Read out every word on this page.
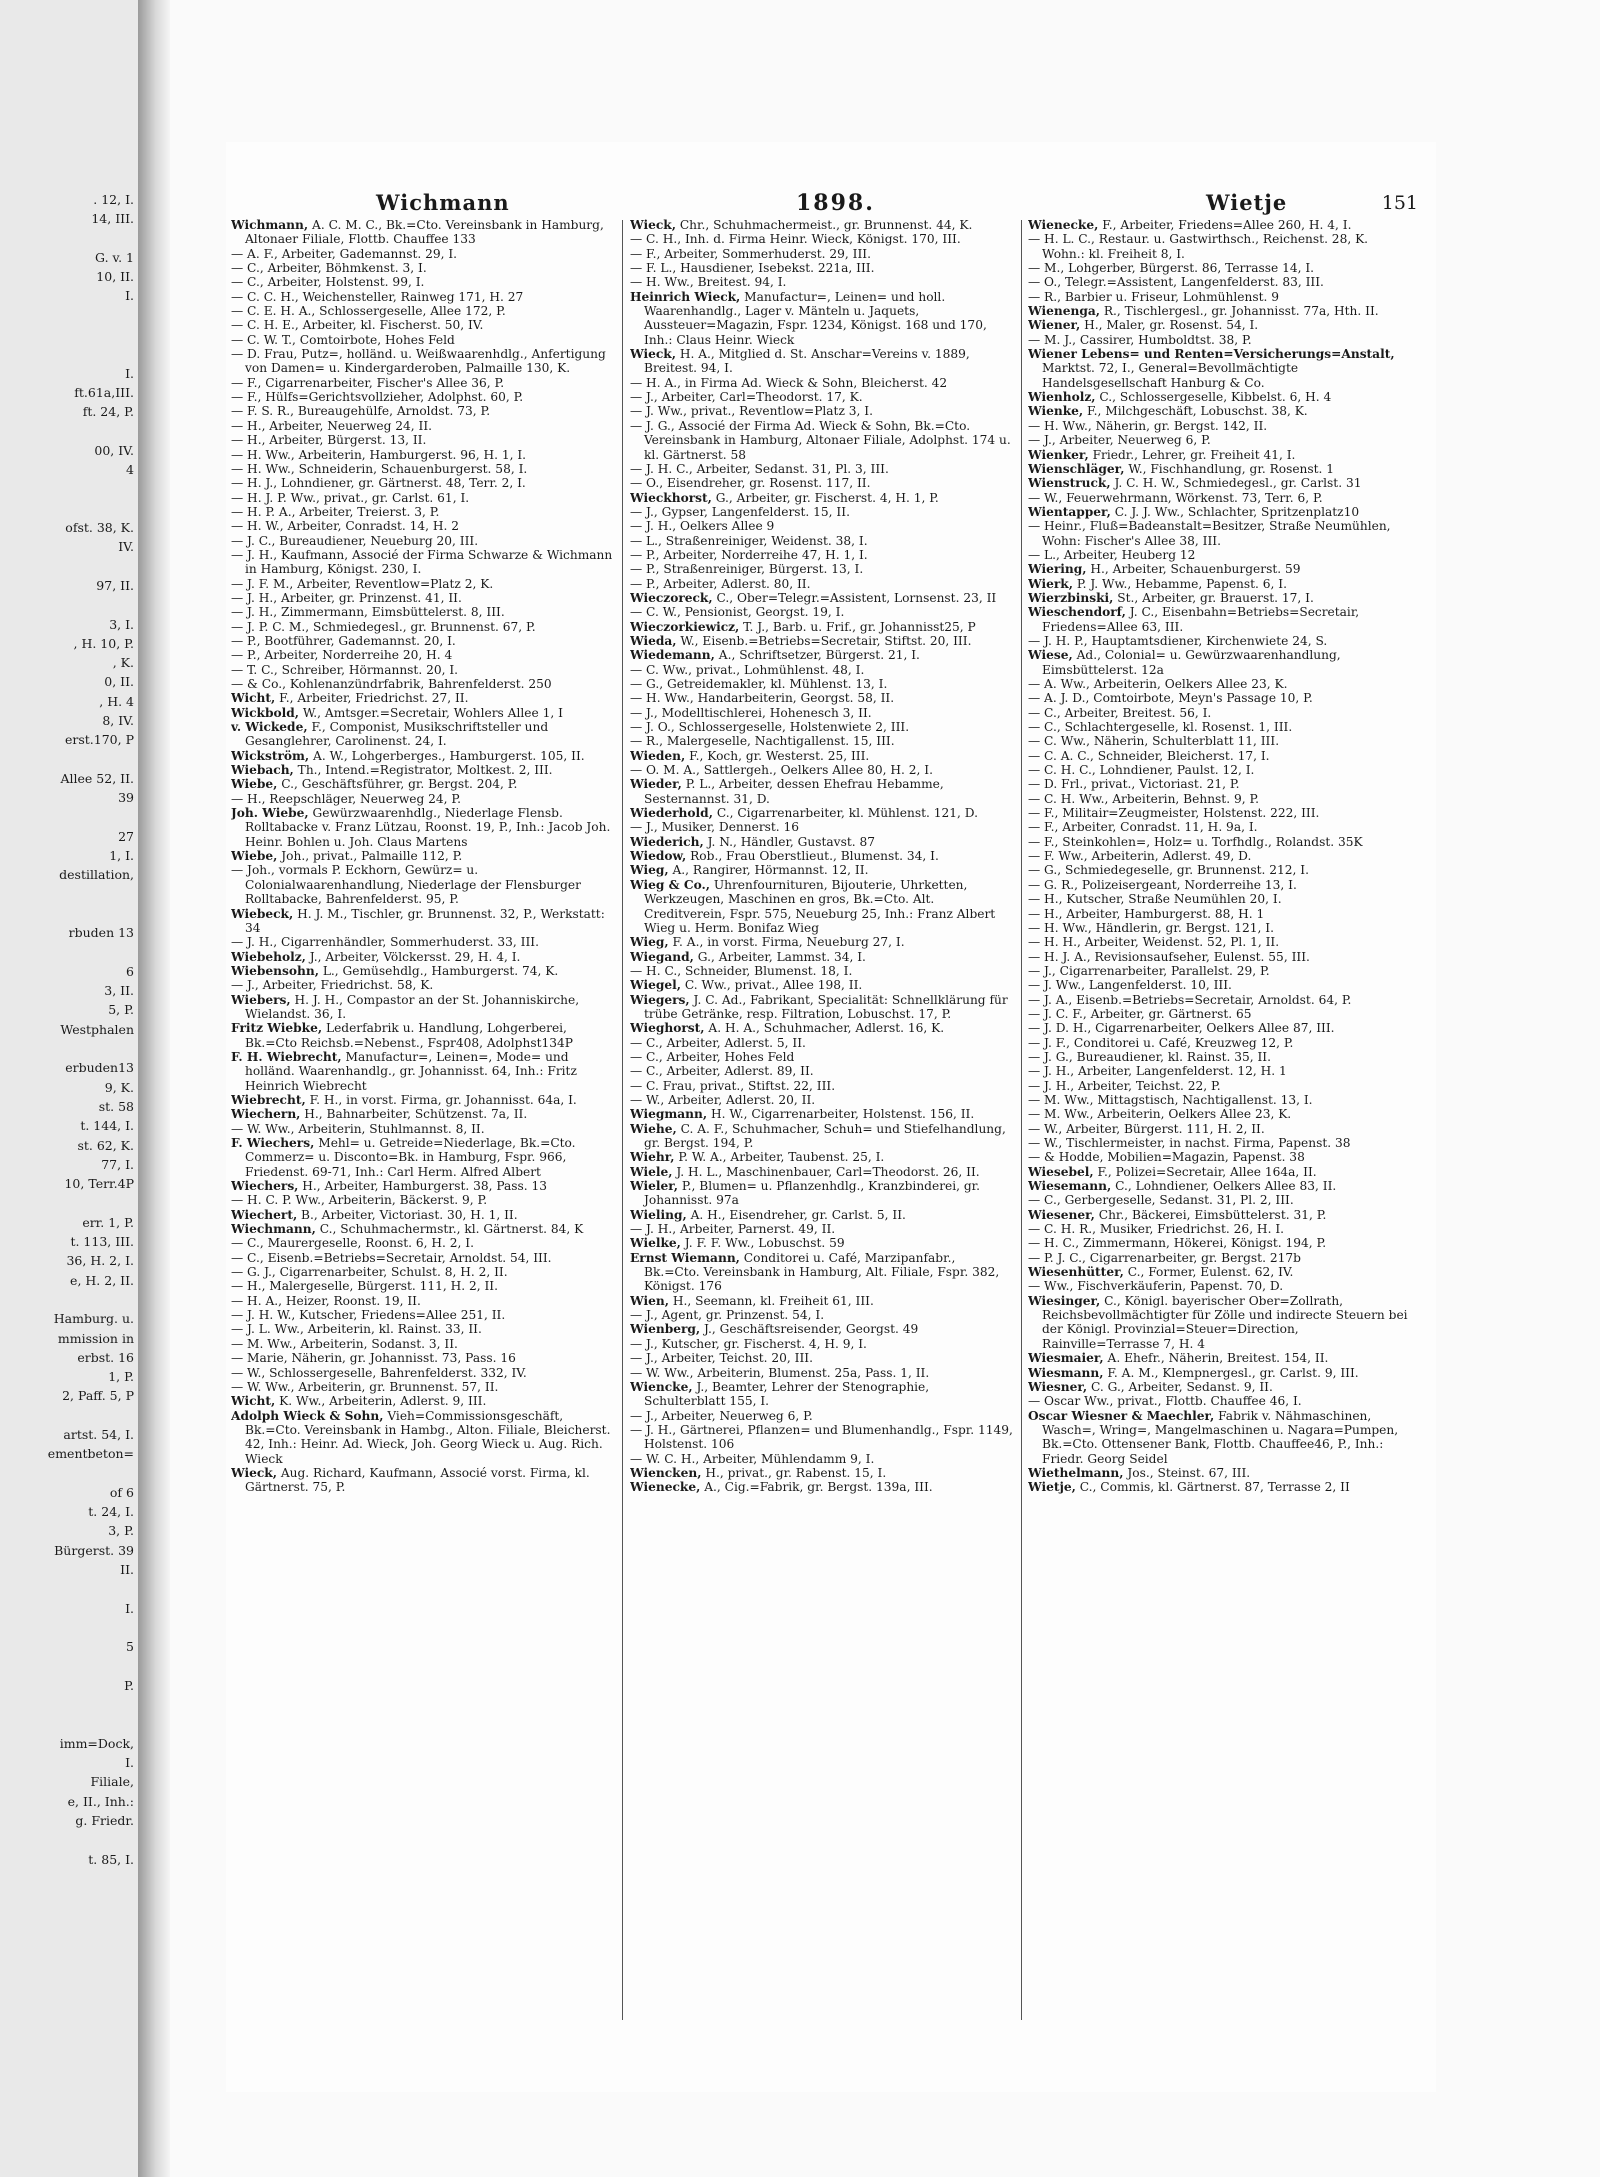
. 12, I.
14, III.

G. v. 1
10, II.
I.

I.
ft.61a,III.
ft. 24, P.

00, IV.
4

ofst. 38, K.
IV.

97, II.

3, I.
, H. 10, P.
, K.
0, II.
, H. 4
8, IV.
erst.170, P

Allee 52, II.
39

27
1, I.
destillation,

rbuden 13

6
3, II.
5, P.
Westphalen

erbuden13
9, K.
st. 58
t. 144, I.
st. 62, K.
77, I.
10, Terr.4P

err. 1, P.
t. 113, III.
36, H. 2, I.
e, H. 2, II.

Hamburg. u.
mmission in
erbst. 16
1, P.
2, Paff. 5, P

artst. 54, I.
ementbeton=

of 6
t. 24, I.
3, P.
Bürgerst. 39
II.

I.

5

P.

imm=Dock,
I.
Filiale,
e, II., Inh.:
g. Friedr.

t. 85, I.
Wichmann	1898.	Wietje	151
Wichmann, A. C. M. C., Bk.=Cto. Vereinsbank in Hamburg, Altonaer Filiale, Flottb. Chauffee 133
— A. F., Arbeiter, Gademannst. 29, I.
— C., Arbeiter, Böhmkenst. 3, I.
— C., Arbeiter, Holstenst. 99, I.
— C. C. H., Weichensteller, Rainweg 171, H. 27
— C. E. H. A., Schlossergeselle, Allee 172, P.
— C. H. E., Arbeiter, kl. Fischerst. 50, IV.
— C. W. T., Comtoirbote, Hohes Feld
— D. Frau, Putz=, holländ. u. Weißwaarenhdlg., Anfertigung von Damen= u. Kindergarderoben, Palmaille 130, K.
— F., Cigarrenarbeiter, Fischer's Allee 36, P.
— F., Hülfs=Gerichtsvollzieher, Adolphst. 60, P.
— F. S. R., Bureaugehülfe, Arnoldst. 73, P.
— H., Arbeiter, Neuerweg 24, II.
— H., Arbeiter, Bürgerst. 13, II.
— H. Ww., Arbeiterin, Hamburgerst. 96, H. 1, I.
— H. Ww., Schneiderin, Schauenburgerst. 58, I.
— H. J., Lohndiener, gr. Gärtnerst. 48, Terr. 2, I.
— H. J. P. Ww., privat., gr. Carlst. 61, I.
— H. P. A., Arbeiter, Treierst. 3, P.
— H. W., Arbeiter, Conradst. 14, H. 2
— J. C., Bureaudiener, Neueburg 20, III.
— J. H., Kaufmann, Associé der Firma Schwarze & Wichmann in Hamburg, Königst. 230, I.
— J. F. M., Arbeiter, Reventlow=Platz 2, K.
— J. H., Arbeiter, gr. Prinzenst. 41, II.
— J. H., Zimmermann, Eimsbüttelerst. 8, III.
— J. P. C. M., Schmiedegesl., gr. Brunnenst. 67, P.
— P., Bootführer, Gademannst. 20, I.
— P., Arbeiter, Norderreihe 20, H. 4
— T. C., Schreiber, Hörmannst. 20, I.
— & Co., Kohlenanzündrfabrik, Bahrenfelderst. 250
Wicht, F., Arbeiter, Friedrichst. 27, II.
Wickbold, W., Amtsger.=Secretair, Wohlers Allee 1, I
v. Wickede, F., Componist, Musikschriftsteller und Gesanglehrer, Carolinenst. 24, I.
Wickström, A. W., Lohgerberges., Hamburgerst. 105, II.
Wiebach, Th., Intend.=Registrator, Moltkest. 2, III.
Wiebe, C., Geschäftsführer, gr. Bergst. 204, P.
— H., Reepschläger, Neuerweg 24, P.
Joh. Wiebe, Gewürzwaarenhdlg., Niederlage Flensb. Rolltabacke v. Franz Lützau, Roonst. 19, P., Inh.: Jacob Joh. Heinr. Bohlen u. Joh. Claus Martens
Wiebe, Joh., privat., Palmaille 112, P.
— Joh., vormals P. Eckhorn, Gewürz= u. Colonialwaarenhandlung, Niederlage der Flensburger Rolltabacke, Bahrenfelderst. 95, P.
Wiebeck, H. J. M., Tischler, gr. Brunnenst. 32, P., Werkstatt: 34
— J. H., Cigarrenhändler, Sommerhuderst. 33, III.
Wiebeholz, J., Arbeiter, Völckersst. 29, H. 4, I.
Wiebensohn, L., Gemüsehdlg., Hamburgerst. 74, K.
— J., Arbeiter, Friedrichst. 58, K.
Wiebers, H. J. H., Compastor an der St. Johanniskirche, Wielandst. 36, I.
Fritz Wiebke, Lederfabrik u. Handlung, Lohgerberei, Bk.=Cto Reichsb.=Nebenst., Fspr408, Adolphst134P
F. H. Wiebrecht, Manufactur=, Leinen=, Mode= und holländ. Waarenhandlg., gr. Johannisst. 64, Inh.: Fritz Heinrich Wiebrecht
Wiebrecht, F. H., in vorst. Firma, gr. Johannisst. 64a, I.
Wiechern, H., Bahnarbeiter, Schützenst. 7a, II.
— W. Ww., Arbeiterin, Stuhlmannst. 8, II.
F. Wiechers, Mehl= u. Getreide=Niederlage, Bk.=Cto. Commerz= u. Disconto=Bk. in Hamburg, Fspr. 966, Friedenst. 69-71, Inh.: Carl Herm. Alfred Albert
Wiechers, H., Arbeiter, Hamburgerst. 38, Pass. 13
— H. C. P. Ww., Arbeiterin, Bäckerst. 9, P.
Wiechert, B., Arbeiter, Victoriast. 30, H. 1, II.
Wiechmann, C., Schuhmachermstr., kl. Gärtnerst. 84, K
— C., Maurergeselle, Roonst. 6, H. 2, I.
— C., Eisenb.=Betriebs=Secretair, Arnoldst. 54, III.
— G. J., Cigarrenarbeiter, Schulst. 8, H. 2, II.
— H., Malergeselle, Bürgerst. 111, H. 2, II.
— H. A., Heizer, Roonst. 19, II.
— J. H. W., Kutscher, Friedens=Allee 251, II.
— J. L. Ww., Arbeiterin, kl. Rainst. 33, II.
— M. Ww., Arbeiterin, Sodanst. 3, II.
— Marie, Näherin, gr. Johannisst. 73, Pass. 16
— W., Schlossergeselle, Bahrenfelderst. 332, IV.
— W. Ww., Arbeiterin, gr. Brunnenst. 57, II.
Wicht, K. Ww., Arbeiterin, Adlerst. 9, III.
Adolph Wieck & Sohn, Vieh=Commissionsgeschäft, Bk.=Cto. Vereinsbank in Hambg., Alton. Filiale, Bleicherst. 42, Inh.: Heinr. Ad. Wieck, Joh. Georg Wieck u. Aug. Rich. Wieck
Wieck, Aug. Richard, Kaufmann, Associé vorst. Firma, kl. Gärtnerst. 75, P.
Wieck, Chr., Schuhmachermeist., gr. Brunnenst. 44, K.
— C. H., Inh. d. Firma Heinr. Wieck, Königst. 170, III.
— F., Arbeiter, Sommerhuderst. 29, III.
— F. L., Hausdiener, Isebekst. 221a, III.
— H. Ww., Breitest. 94, I.
Heinrich Wieck, Manufactur=, Leinen= und holl. Waarenhandlg., Lager v. Mänteln u. Jaquets, Aussteuer=Magazin, Fspr. 1234, Königst. 168 und 170, Inh.: Claus Heinr. Wieck
Wieck, H. A., Mitglied d. St. Anschar=Vereins v. 1889, Breitest. 94, I.
— H. A., in Firma Ad. Wieck & Sohn, Bleicherst. 42
— J., Arbeiter, Carl=Theodorst. 17, K.
— J. Ww., privat., Reventlow=Platz 3, I.
— J. G., Associé der Firma Ad. Wieck & Sohn, Bk.=Cto. Vereinsbank in Hamburg, Altonaer Filiale, Adolphst. 174 u. kl. Gärtnerst. 58
— J. H. C., Arbeiter, Sedanst. 31, Pl. 3, III.
— O., Eisendreher, gr. Rosenst. 117, II.
Wieckhorst, G., Arbeiter, gr. Fischerst. 4, H. 1, P.
— J., Gypser, Langenfelderst. 15, II.
— J. H., Oelkers Allee 9
— L., Straßenreiniger, Weidenst. 38, I.
— P., Arbeiter, Norderreihe 47, H. 1, I.
— P., Straßenreiniger, Bürgerst. 13, I.
— P., Arbeiter, Adlerst. 80, II.
Wieczoreck, C., Ober=Telegr.=Assistent, Lornsenst. 23, II
— C. W., Pensionist, Georgst. 19, I.
Wieczorkiewicz, T. J., Barb. u. Frif., gr. Johannisst25, P
Wieda, W., Eisenb.=Betriebs=Secretair, Stiftst. 20, III.
Wiedemann, A., Schriftsetzer, Bürgerst. 21, I.
— C. Ww., privat., Lohmühlenst. 48, I.
— G., Getreidemakler, kl. Mühlenst. 13, I.
— H. Ww., Handarbeiterin, Georgst. 58, II.
— J., Modelltischlerei, Hohenesch 3, II.
— J. O., Schlossergeselle, Holstenwiete 2, III.
— R., Malergeselle, Nachtigallenst. 15, III.
Wieden, F., Koch, gr. Westerst. 25, III.
— O. M. A., Sattlergeh., Oelkers Allee 80, H. 2, I.
Wieder, P. L., Arbeiter, dessen Ehefrau Hebamme, Sesternannst. 31, D.
Wiederhold, C., Cigarrenarbeiter, kl. Mühlenst. 121, D.
— J., Musiker, Dennerst. 16
Wiederich, J. N., Händler, Gustavst. 87
Wiedow, Rob., Frau Oberstlieut., Blumenst. 34, I.
Wieg, A., Rangirer, Hörmannst. 12, II.
Wieg & Co., Uhrenfournituren, Bijouterie, Uhrketten, Werkzeugen, Maschinen en gros, Bk.=Cto. Alt. Creditverein, Fspr. 575, Neueburg 25, Inh.: Franz Albert Wieg u. Herm. Bonifaz Wieg
Wieg, F. A., in vorst. Firma, Neueburg 27, I.
Wiegand, G., Arbeiter, Lammst. 34, I.
— H. C., Schneider, Blumenst. 18, I.
Wiegel, C. Ww., privat., Allee 198, II.
Wiegers, J. C. Ad., Fabrikant, Specialität: Schnellklärung für trübe Getränke, resp. Filtration, Lobuschst. 17, P.
Wieghorst, A. H. A., Schuhmacher, Adlerst. 16, K.
— C., Arbeiter, Adlerst. 5, II.
— C., Arbeiter, Hohes Feld
— C., Arbeiter, Adlerst. 89, II.
— C. Frau, privat., Stiftst. 22, III.
— W., Arbeiter, Adlerst. 20, II.
Wiegmann, H. W., Cigarrenarbeiter, Holstenst. 156, II.
Wiehe, C. A. F., Schuhmacher, Schuh= und Stiefelhandlung, gr. Bergst. 194, P.
Wiehr, P. W. A., Arbeiter, Taubenst. 25, I.
Wiele, J. H. L., Maschinenbauer, Carl=Theodorst. 26, II.
Wieler, P., Blumen= u. Pflanzenhdlg., Kranzbinderei, gr. Johannisst. 97a
Wieling, A. H., Eisendreher, gr. Carlst. 5, II.
— J. H., Arbeiter, Parnerst. 49, II.
Wielke, J. F. F. Ww., Lobuschst. 59
Ernst Wiemann, Conditorei u. Café, Marzipanfabr., Bk.=Cto. Vereinsbank in Hamburg, Alt. Filiale, Fspr. 382, Königst. 176
Wien, H., Seemann, kl. Freiheit 61, III.
— J., Agent, gr. Prinzenst. 54, I.
Wienberg, J., Geschäftsreisender, Georgst. 49
— J., Kutscher, gr. Fischerst. 4, H. 9, I.
— J., Arbeiter, Teichst. 20, III.
— W. Ww., Arbeiterin, Blumenst. 25a, Pass. 1, II.
Wiencke, J., Beamter, Lehrer der Stenographie, Schulterblatt 155, I.
— J., Arbeiter, Neuerweg 6, P.
— J. H., Gärtnerei, Pflanzen= und Blumenhandlg., Fspr. 1149, Holstenst. 106
— W. C. H., Arbeiter, Mühlendamm 9, I.
Wiencken, H., privat., gr. Rabenst. 15, I.
Wienecke, A., Cig.=Fabrik, gr. Bergst. 139a, III.
Wienecke, F., Arbeiter, Friedens=Allee 260, H. 4, I.
— H. L. C., Restaur. u. Gastwirthsch., Reichenst. 28, K. Wohn.: kl. Freiheit 8, I.
— M., Lohgerber, Bürgerst. 86, Terrasse 14, I.
— O., Telegr.=Assistent, Langenfelderst. 83, III.
— R., Barbier u. Friseur, Lohmühlenst. 9
Wienenga, R., Tischlergesl., gr. Johannisst. 77a, Hth. II.
Wiener, H., Maler, gr. Rosenst. 54, I.
— M. J., Cassirer, Humboldtst. 38, P.
Wiener Lebens= und Renten=Versicherungs=Anstalt, Marktst. 72, I., General=Bevollmächtigte Handelsgesellschaft Hanburg & Co.
Wienholz, C., Schlossergeselle, Kibbelst. 6, H. 4
Wienke, F., Milchgeschäft, Lobuschst. 38, K.
— H. Ww., Näherin, gr. Bergst. 142, II.
— J., Arbeiter, Neuerweg 6, P.
Wienker, Friedr., Lehrer, gr. Freiheit 41, I.
Wienschläger, W., Fischhandlung, gr. Rosenst. 1
Wienstruck, J. C. H. W., Schmiedegesl., gr. Carlst. 31
— W., Feuerwehrmann, Wörkenst. 73, Terr. 6, P.
Wientapper, C. J. J. Ww., Schlachter, Spritzenplatz10
— Heinr., Fluß=Badeanstalt=Besitzer, Straße Neumühlen, Wohn: Fischer's Allee 38, III.
— L., Arbeiter, Heuberg 12
Wiering, H., Arbeiter, Schauenburgerst. 59
Wierk, P. J. Ww., Hebamme, Papenst. 6, I.
Wierzbinski, St., Arbeiter, gr. Brauerst. 17, I.
Wieschendorf, J. C., Eisenbahn=Betriebs=Secretair, Friedens=Allee 63, III.
— J. H. P., Hauptamtsdiener, Kirchenwiete 24, S.
Wiese, Ad., Colonial= u. Gewürzwaarenhandlung, Eimsbüttelerst. 12a
— A. Ww., Arbeiterin, Oelkers Allee 23, K.
— A. J. D., Comtoirbote, Meyn's Passage 10, P.
— C., Arbeiter, Breitest. 56, I.
— C., Schlachtergeselle, kl. Rosenst. 1, III.
— C. Ww., Näherin, Schulterblatt 11, III.
— C. A. C., Schneider, Bleicherst. 17, I.
— C. H. C., Lohndiener, Paulst. 12, I.
— D. Frl., privat., Victoriast. 21, P.
— C. H. Ww., Arbeiterin, Behnst. 9, P.
— F., Militair=Zeugmeister, Holstenst. 222, III.
— F., Arbeiter, Conradst. 11, H. 9a, I.
— F., Steinkohlen=, Holz= u. Torfhdlg., Rolandst. 35K
— F. Ww., Arbeiterin, Adlerst. 49, D.
— G., Schmiedegeselle, gr. Brunnenst. 212, I.
— G. R., Polizeisergeant, Norderreihe 13, I.
— H., Kutscher, Straße Neumühlen 20, I.
— H., Arbeiter, Hamburgerst. 88, H. 1
— H. Ww., Händlerin, gr. Bergst. 121, I.
— H. H., Arbeiter, Weidenst. 52, Pl. 1, II.
— H. J. A., Revisionsaufseher, Eulenst. 55, III.
— J., Cigarrenarbeiter, Parallelst. 29, P.
— J. Ww., Langenfelderst. 10, III.
— J. A., Eisenb.=Betriebs=Secretair, Arnoldst. 64, P.
— J. C. F., Arbeiter, gr. Gärtnerst. 65
— J. D. H., Cigarrenarbeiter, Oelkers Allee 87, III.
— J. F., Conditorei u. Café, Kreuzweg 12, P.
— J. G., Bureaudiener, kl. Rainst. 35, II.
— J. H., Arbeiter, Langenfelderst. 12, H. 1
— J. H., Arbeiter, Teichst. 22, P.
— M. Ww., Mittagstisch, Nachtigallenst. 13, I.
— M. Ww., Arbeiterin, Oelkers Allee 23, K.
— W., Arbeiter, Bürgerst. 111, H. 2, II.
— W., Tischlermeister, in nachst. Firma, Papenst. 38
— & Hodde, Mobilien=Magazin, Papenst. 38
Wiesebel, F., Polizei=Secretair, Allee 164a, II.
Wiesemann, C., Lohndiener, Oelkers Allee 83, II.
— C., Gerbergeselle, Sedanst. 31, Pl. 2, III.
Wiesener, Chr., Bäckerei, Eimsbüttelerst. 31, P.
— C. H. R., Musiker, Friedrichst. 26, H. I.
— H. C., Zimmermann, Hökerei, Königst. 194, P.
— P. J. C., Cigarrenarbeiter, gr. Bergst. 217b
Wiesenhütter, C., Former, Eulenst. 62, IV.
— Ww., Fischverkäuferin, Papenst. 70, D.
Wiesinger, C., Königl. bayerischer Ober=Zollrath, Reichsbevollmächtigter für Zölle und indirecte Steuern bei der Königl. Provinzial=Steuer=Direction, Rainville=Terrasse 7, H. 4
Wiesmaier, A. Ehefr., Näherin, Breitest. 154, II.
Wiesmann, F. A. M., Klempnergesl., gr. Carlst. 9, III.
Wiesner, C. G., Arbeiter, Sedanst. 9, II.
— Oscar Ww., privat., Flottb. Chauffee 46, I.
Oscar Wiesner & Maechler, Fabrik v. Nähmaschinen, Wasch=, Wring=, Mangelmaschinen u. Nagara=Pumpen, Bk.=Cto. Ottensener Bank, Flottb. Chauffee46, P., Inh.: Friedr. Georg Seidel
Wiethelmann, Jos., Steinst. 67, III.
Wietje, C., Commis, kl. Gärtnerst. 87, Terrasse 2, II
